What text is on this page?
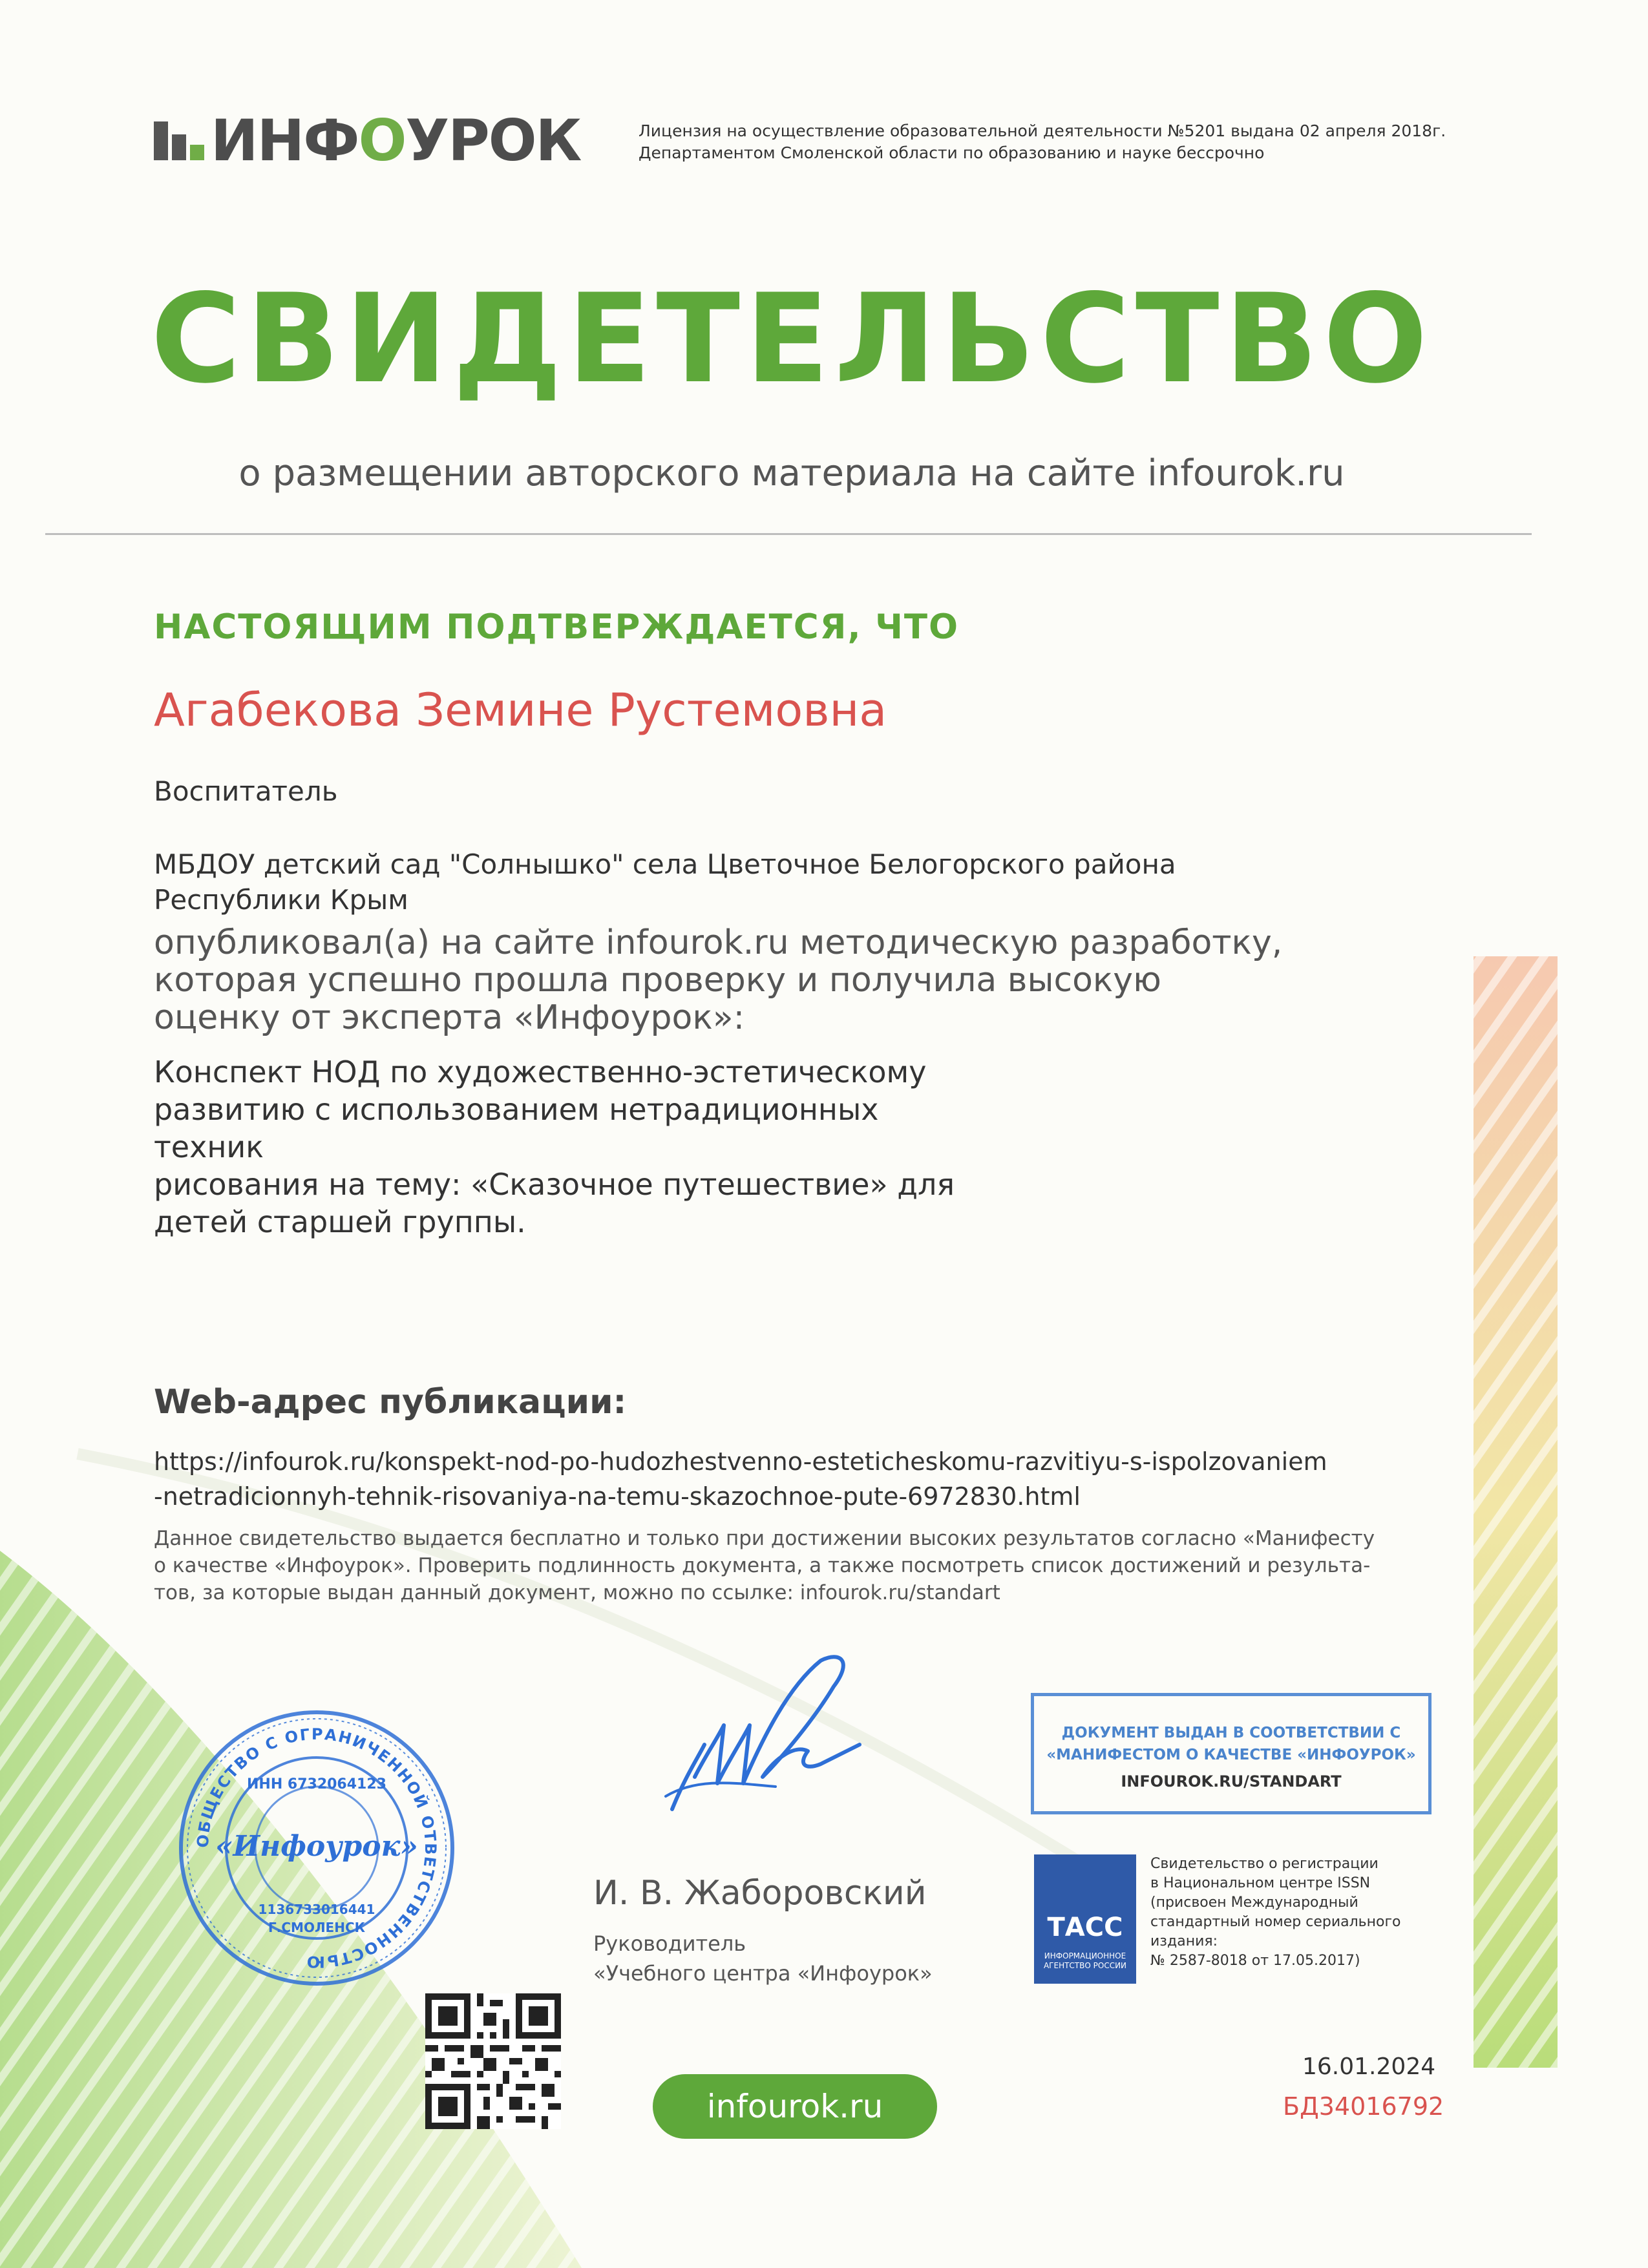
ИНФОУРОК	Лицензия на осуществление образовательной деятельности №5201 выдана 02 апреля 2018г.
Департаментом Смоленской области по образованию и науке бессрочно
СВИДЕТЕЛЬСТВО
о размещении авторского материала на сайте infourok.ru
НАСТОЯЩИМ ПОДТВЕРЖДАЕТСЯ, ЧТО
Агабекова Земине Рустемовна
Воспитатель
МБДОУ детский сад "Солнышко" села Цветочное Белогорского района
Республики Крым
опубликовал(а) на сайте infourok.ru методическую разработку,
которая успешно прошла проверку и получила высокую
оценку от эксперта «Инфоурок»:
Конспект НОД по художественно-эстетическому
развитию с использованием нетрадиционных техник
рисования на тему: «Сказочное путешествие» для
детей старшей группы.
Web-адрес публикации:
https://infourok.ru/konspekt-nod-po-hudozhestvenno-esteticheskomu-razvitiyu-s-ispolzovaniem
-netradicionnyh-tehnik-risovaniya-na-temu-skazochnoe-pute-6972830.html
Данное свидетельство выдается бесплатно и только при достижении высоких результатов согласно «Манифесту
о качестве «Инфоурок». Проверить подлинность документа, а также посмотреть список достижений и результа-
тов, за которые выдан данный документ, можно по ссылке: infourok.ru/standart
ОБЩЕСТВО С ОГРАНИЧЕННОЙ ОТВЕТСТВЕННОСТЬЮ
ИНН 6732064123
«Инфоурок»
1136733016441
Г.СМОЛЕНСК
И. В. Жаборовский
Руководитель
«Учебного центра «Инфоурок»
infourok.ru
ДОКУМЕНТ ВЫДАН В СООТВЕТСТВИИ С
«МАНИФЕСТОМ О КАЧЕСТВЕ «ИНФОУРОК»
INFOUROK.RU/STANDART
ТАСС
ИНФОРМАЦИОННОЕ
АГЕНТСТВО РОССИИ
Свидетельство о регистрации
в Национальном центре ISSN
(присвоен Международный
стандартный номер сериального
издания:
№ 2587-8018 от 17.05.2017)
16.01.2024
БД34016792
